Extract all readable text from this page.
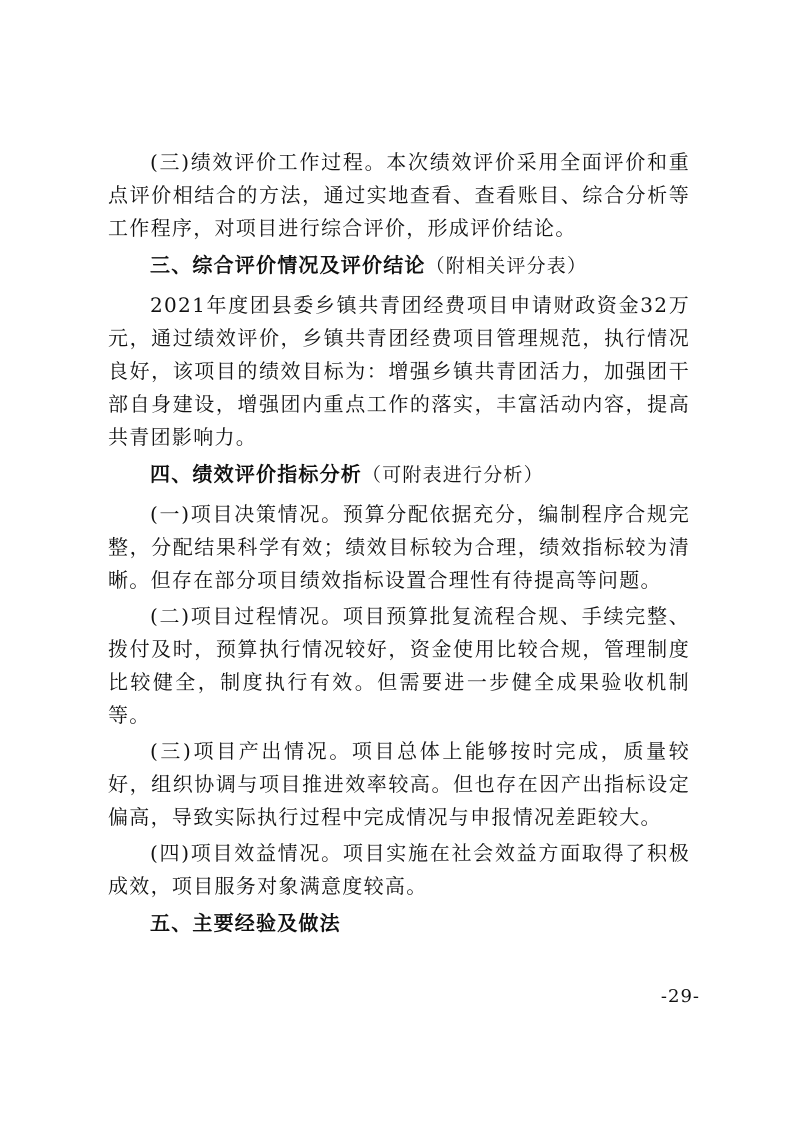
(三)绩效评价工作过程。本次绩效评价采用全面评价和重点评价相结合的方法，通过实地查看、查看账目、综合分析等工作程序，对项目进行综合评价，形成评价结论。

三、综合评价情况及评价结论（附相关评分表）

2021年度团县委乡镇共青团经费项目申请财政资金32万元，通过绩效评价，乡镇共青团经费项目管理规范，执行情况良好，该项目的绩效目标为：增强乡镇共青团活力，加强团干部自身建设，增强团内重点工作的落实，丰富活动内容，提高共青团影响力。

四、绩效评价指标分析（可附表进行分析）

(一)项目决策情况。预算分配依据充分，编制程序合规完整，分配结果科学有效；绩效目标较为合理，绩效指标较为清晰。但存在部分项目绩效指标设置合理性有待提高等问题。

(二)项目过程情况。项目预算批复流程合规、手续完整、拨付及时，预算执行情况较好，资金使用比较合规，管理制度比较健全，制度执行有效。但需要进一步健全成果验收机制等。

(三)项目产出情况。项目总体上能够按时完成，质量较好，组织协调与项目推进效率较高。但也存在因产出指标设定偏高，导致实际执行过程中完成情况与申报情况差距较大。

(四)项目效益情况。项目实施在社会效益方面取得了积极成效，项目服务对象满意度较高。

五、主要经验及做法

-29-
